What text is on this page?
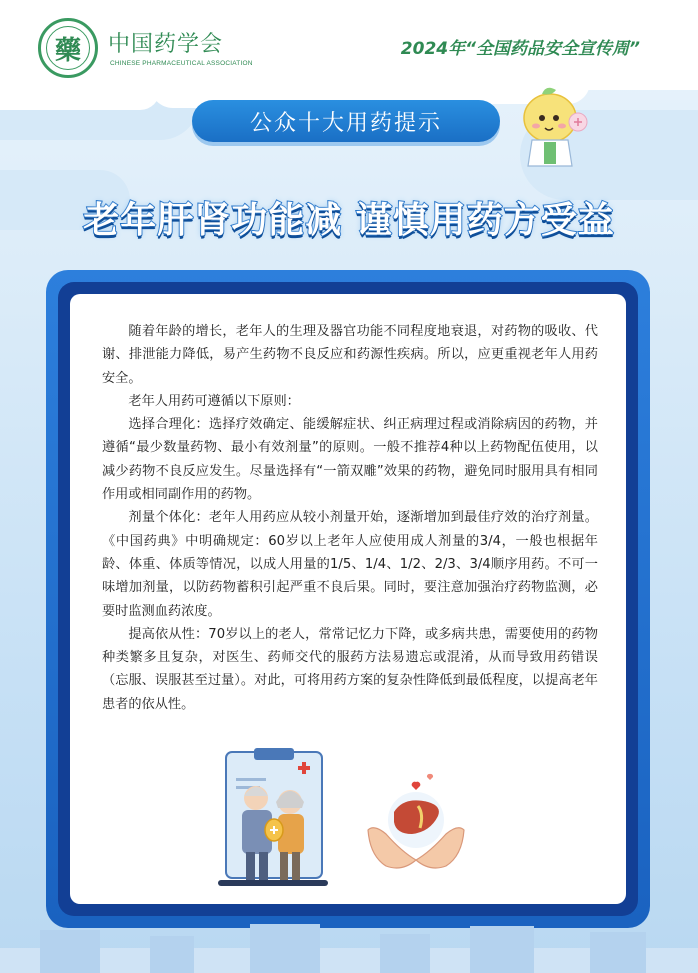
藥	中国药学会
CHINESE PHARMACEUTICAL ASSOCIATION
2024年“全国药品安全宣传周”
公众十大用药提示
老年肝肾功能减 谨慎用药方受益

随着年龄的增长，老年人的生理及器官功能不同程度地衰退，对药物的吸收、代谢、排泄能力降低，易产生药物不良反应和药源性疾病。所以，应更重视老年人用药安全。

老年人用药可遵循以下原则：

选择合理化：选择疗效确定、能缓解症状、纠正病理过程或消除病因的药物，并遵循“最少数量药物、最小有效剂量”的原则。一般不推荐4种以上药物配伍使用，以减少药物不良反应发生。尽量选择有“一箭双雕”效果的药物，避免同时服用具有相同作用或相同副作用的药物。

剂量个体化：老年人用药应从较小剂量开始，逐渐增加到最佳疗效的治疗剂量。《中国药典》中明确规定：60岁以上老年人应使用成人剂量的3/4，一般也根据年龄、体重、体质等情况，以成人用量的1/5、1/4、1/2、2/3、3/4顺序用药。不可一味增加剂量，以防药物蓄积引起严重不良后果。同时，要注意加强治疗药物监测，必要时监测血药浓度。

提高依从性：70岁以上的老人，常常记忆力下降，或多病共患，需要使用的药物种类繁多且复杂，对医生、药师交代的服药方法易遗忘或混淆，从而导致用药错误（忘服、误服甚至过量）。对此，可将用药方案的复杂性降低到最低程度，以提高老年患者的依从性。
